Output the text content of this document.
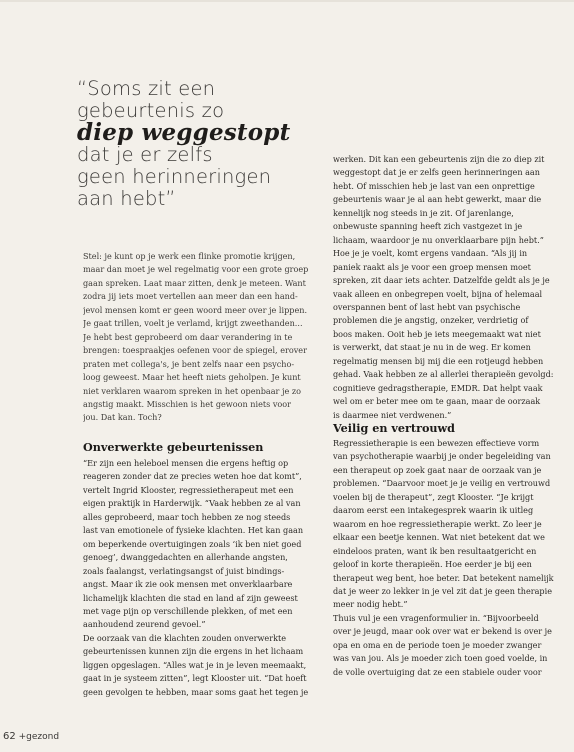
“Soms zit een
gebeurtenis zo
diep weggestopt
dat je er zelfs
geen herinneringen
aan hebt”
Stel: je kunt op je werk een flinke promotie krijgen,
maar dan moet je wel regelmatig voor een grote groep
gaan spreken. Laat maar zitten, denk je meteen. Want
zodra jij iets moet vertellen aan meer dan een hand-
jevol mensen komt er geen woord meer over je lippen.
Je gaat trillen, voelt je verlamd, krijgt zweethanden...
Je hebt best geprobeerd om daar verandering in te
brengen: toespraakjes oefenen voor de spiegel, erover
praten met collega's, je bent zelfs naar een psycho-
loog geweest. Maar het heeft niets geholpen. Je kunt
niet verklaren waarom spreken in het openbaar je zo
angstig maakt. Misschien is het gewoon niets voor
jou. Dat kan. Toch?
Onverwerkte gebeurtenissen
“Er zijn een heleboel mensen die ergens heftig op
reageren zonder dat ze precies weten hoe dat komt”,
vertelt Ingrid Klooster, regressietherapeut met een
eigen praktijk in Harderwijk. “Vaak hebben ze al van
alles geprobeerd, maar toch hebben ze nog steeds
last van emotionele of fysieke klachten. Het kan gaan
om beperkende overtuigingen zoals ‘ik ben niet goed
genoeg’, dwanggedachten en allerhande angsten,
zoals faalangst, verlatingsangst of juist bindings-
angst. Maar ik zie ook mensen met onverklaarbare
lichamelijk klachten die stad en land af zijn geweest
met vage pijn op verschillende plekken, of met een
aanhoudend zeurend gevoel.”
De oorzaak van die klachten zouden onverwerkte
gebeurtenissen kunnen zijn die ergens in het lichaam
liggen opgeslagen. “Alles wat je in je leven meemaakt,
gaat in je systeem zitten”, legt Klooster uit. “Dat hoeft
geen gevolgen te hebben, maar soms gaat het tegen je
werken. Dit kan een gebeurtenis zijn die zo diep zit
weggestopt dat je er zelfs geen herinneringen aan
hebt. Of misschien heb je last van een onprettige
gebeurtenis waar je al aan hebt gewerkt, maar die
kennelijk nog steeds in je zit. Of jarenlange,
onbewuste spanning heeft zich vastgezet in je
lichaam, waardoor je nu onverklaarbare pijn hebt.”
Hoe je je voelt, komt ergens vandaan. “Als jij in
paniek raakt als je voor een groep mensen moet
spreken, zit daar iets achter. Datzelfde geldt als je je
vaak alleen en onbegrepen voelt, bijna of helemaal
overspannen bent of last hebt van psychische
problemen die je angstig, onzeker, verdrietig of
boos maken. Ooit heb je iets meegemaakt wat niet
is verwerkt, dat staat je nu in de weg. Er komen
regelmatig mensen bij mij die een rotjeugd hebben
gehad. Vaak hebben ze al allerlei therapieën gevolgd:
cognitieve gedragstherapie, EMDR. Dat helpt vaak
wel om er beter mee om te gaan, maar de oorzaak
is daarmee niet verdwenen.”
Veilig en vertrouwd
Regressietherapie is een bewezen effectieve vorm
van psychotherapie waarbij je onder begeleiding van
een therapeut op zoek gaat naar de oorzaak van je
problemen. “Daarvoor moet je je veilig en vertrouwd
voelen bij de therapeut”, zegt Klooster. “Je krijgt
daarom eerst een intakegesprek waarin ik uitleg
waarom en hoe regressietherapie werkt. Zo leer je
elkaar een beetje kennen. Wat niet betekent dat we
eindeloos praten, want ik ben resultaatgericht en
geloof in korte therapieën. Hoe eerder je bij een
therapeut weg bent, hoe beter. Dat betekent namelijk
dat je weer zo lekker in je vel zit dat je geen therapie
meer nodig hebt.”
Thuis vul je een vragenformulier in. “Bijvoorbeeld
over je jeugd, maar ook over wat er bekend is over je
opa en oma en de periode toen je moeder zwanger
was van jou. Als je moeder zich toen goed voelde, in
de volle overtuiging dat ze een stabiele ouder voor
62 +gezond
